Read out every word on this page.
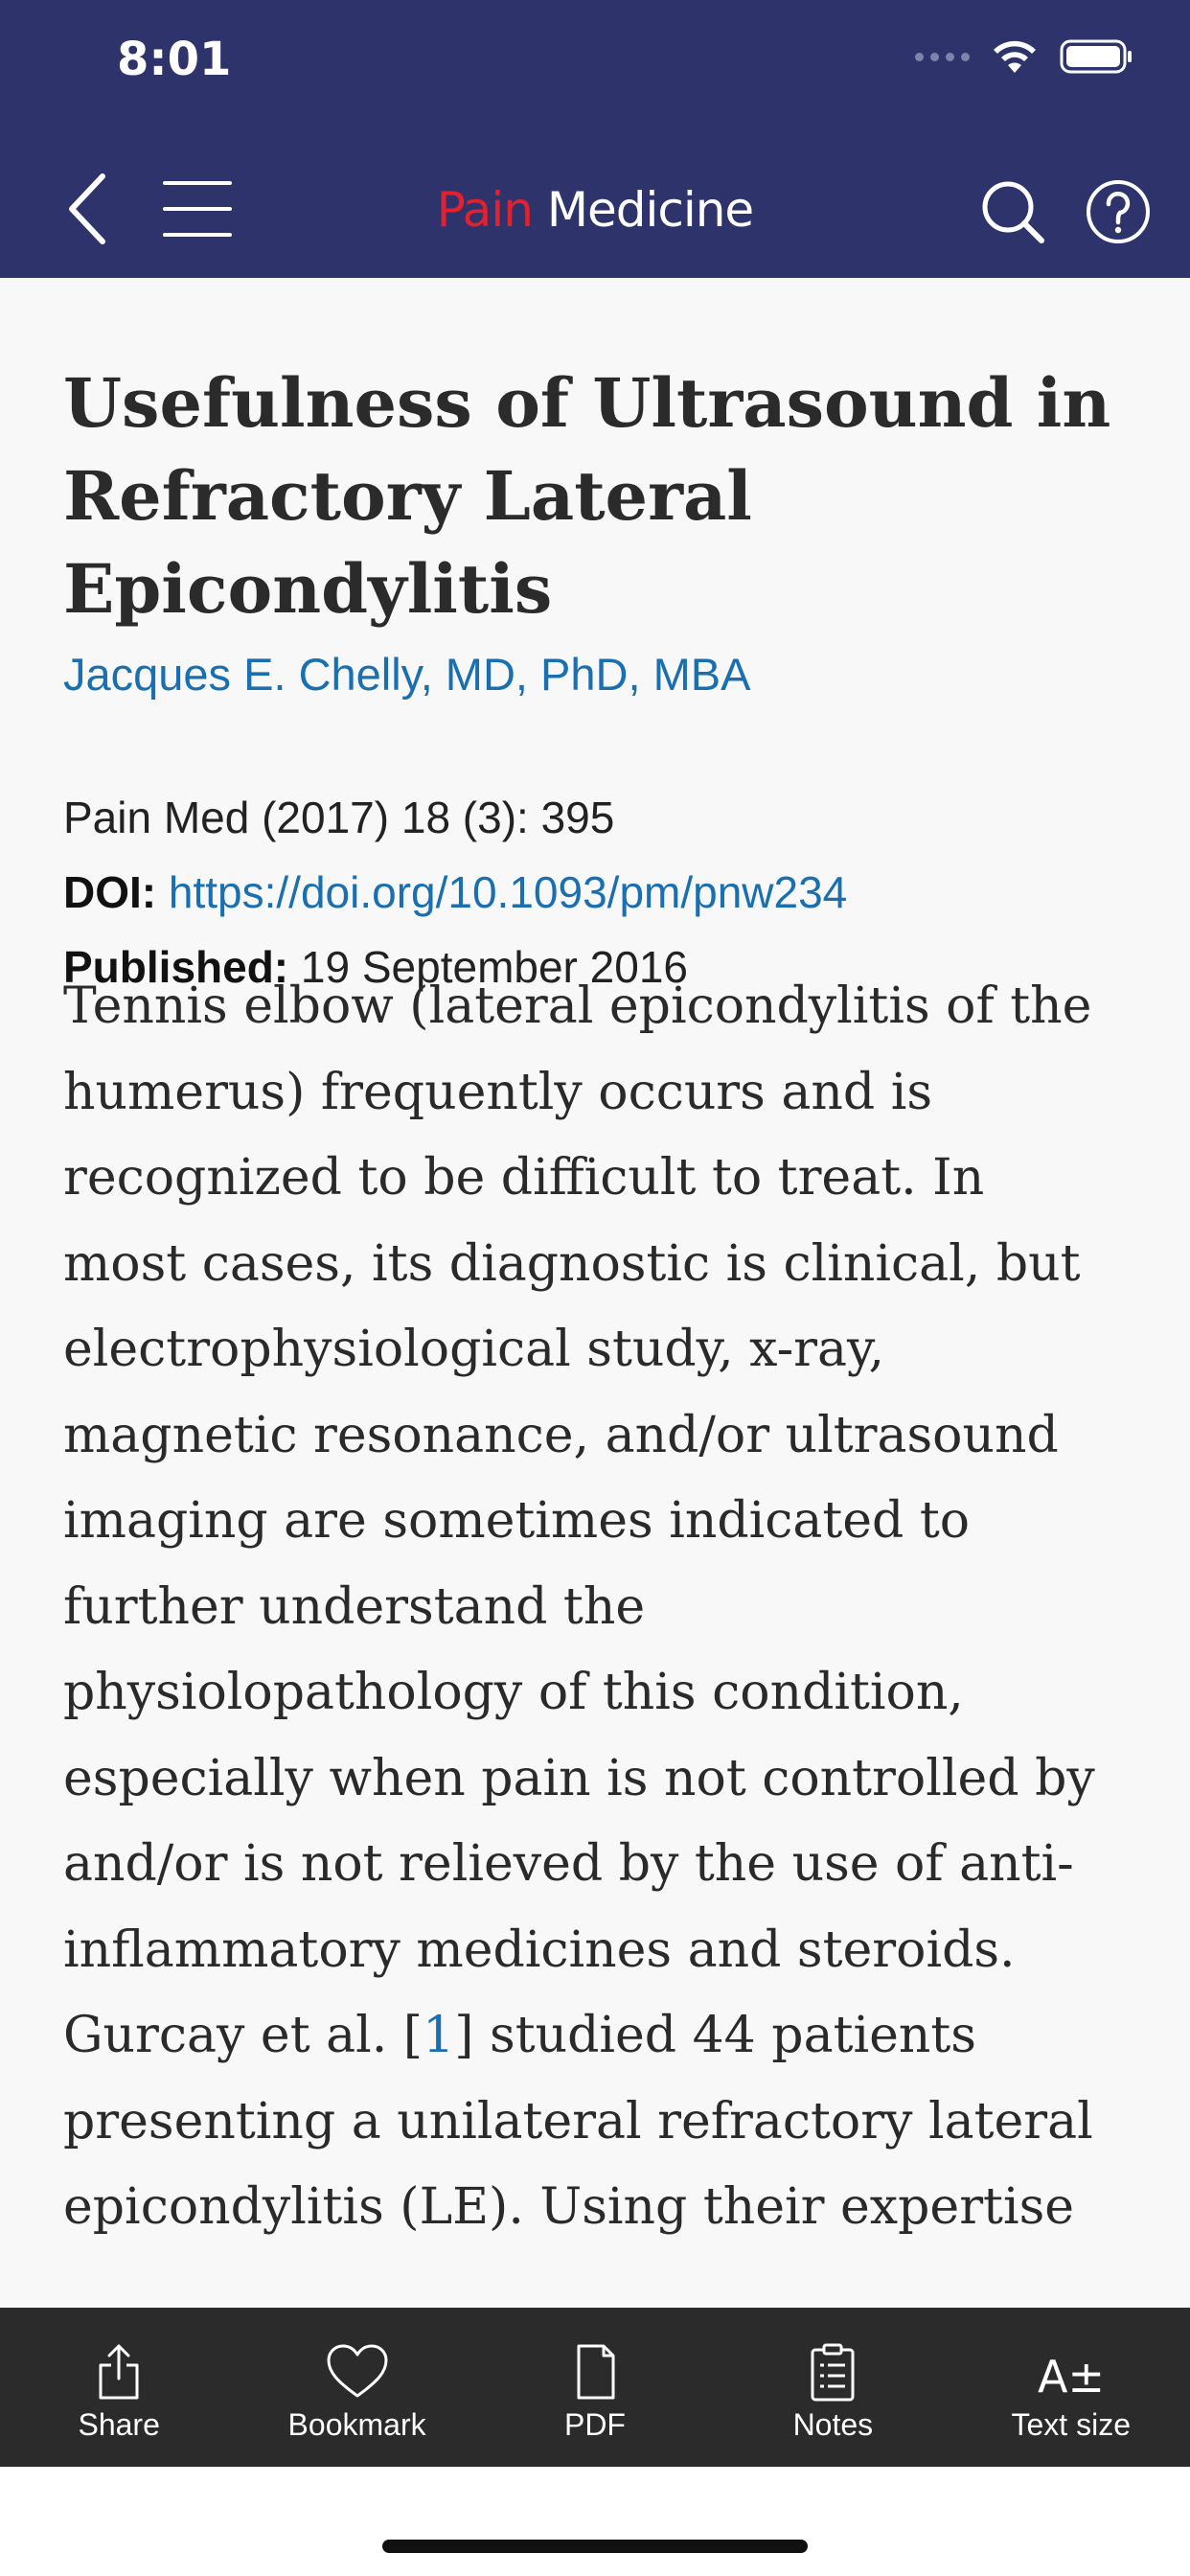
8:01
Pain Medicine
Usefulness of Ultrasound in
Refractory Lateral
Epicondylitis
Jacques E. Chelly, MD, PhD, MBA
Pain Med (2017) 18 (3): 395
DOI: https://doi.org/10.1093/pm/pnw234
Published: 19 September 2016
Tennis elbow (lateral epicondylitis of the
humerus) frequently occurs and is
recognized to be difficult to treat. In
most cases, its diagnostic is clinical, but
electrophysiological study, x-ray,
magnetic resonance, and/or ultrasound
imaging are sometimes indicated to
further understand the
physiolopathology of this condition,
especially when pain is not controlled by
and/or is not relieved by the use of anti-
inflammatory medicines and steroids.
Gurcay et al. [1] studied 44 patients
presenting a unilateral refractory lateral
epicondylitis (LE). Using their expertise
Share	Bookmark	PDF	Notes
A±
Text size
